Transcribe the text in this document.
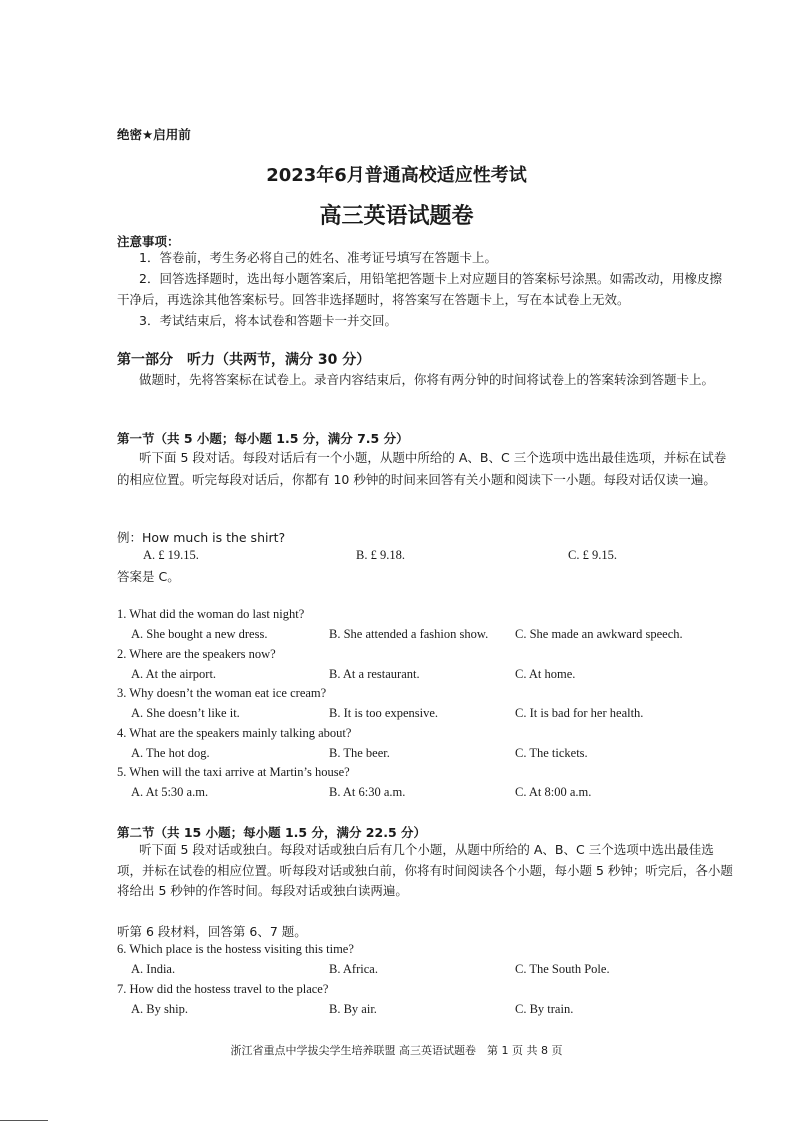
绝密★启用前
2023年6月普通高校适应性考试
高三英语试题卷
注意事项：
1．答卷前，考生务必将自己的姓名、准考证号填写在答题卡上。
2．回答选择题时，选出每小题答案后，用铅笔把答题卡上对应题目的答案标号涂黑。如需改动，用橡皮擦干净后，再选涂其他答案标号。回答非选择题时，将答案写在答题卡上，写在本试卷上无效。
3．考试结束后，将本试卷和答题卡一并交回。
第一部分　听力（共两节，满分 30 分）
做题时，先将答案标在试卷上。录音内容结束后，你将有两分钟的时间将试卷上的答案转涂到答题卡上。
第一节（共 5 小题；每小题 1.5 分，满分 7.5 分）
听下面 5 段对话。每段对话后有一个小题，从题中所给的 A、B、C 三个选项中选出最佳选项，并标在试卷的相应位置。听完每段对话后，你都有 10 秒钟的时间来回答有关小题和阅读下一小题。每段对话仅读一遍。
例：How much is the shirt?
A. £ 19.15.	B. £ 9.18.	C. £ 9.15.
答案是 C。
1. What did the woman do last night?
A. She bought a new dress.	B. She attended a fashion show. C. She made an awkward speech.
2. Where are the speakers now?
A. At the airport.	B. At a restaurant.	C. At home.
3. Why doesn’t the woman eat ice cream?
A. She doesn’t like it.	B. It is too expensive.	C. It is bad for her health.
4. What are the speakers mainly talking about?
A. The hot dog.	B. The beer.	C. The tickets.
5. When will the taxi arrive at Martin’s house?
A. At 5:30 a.m.	B. At 6:30 a.m.	C. At 8:00 a.m.
第二节（共 15 小题；每小题 1.5 分，满分 22.5 分）
听下面 5 段对话或独白。每段对话或独白后有几个小题，从题中所给的 A、B、C 三个选项中选出最佳选项，并标在试卷的相应位置。听每段对话或独白前，你将有时间阅读各个小题，每小题 5 秒钟；听完后，各小题将给出 5 秒钟的作答时间。每段对话或独白读两遍。
听第 6 段材料，回答第 6、7 题。
6. Which place is the hostess visiting this time?
A. India.	B. Africa.	C. The South Pole.
7. How did the hostess travel to the place?
A. By ship.	B. By air.	C. By train.
浙江省重点中学拔尖学生培养联盟 高三英语试题卷　第 1 页 共 8 页
